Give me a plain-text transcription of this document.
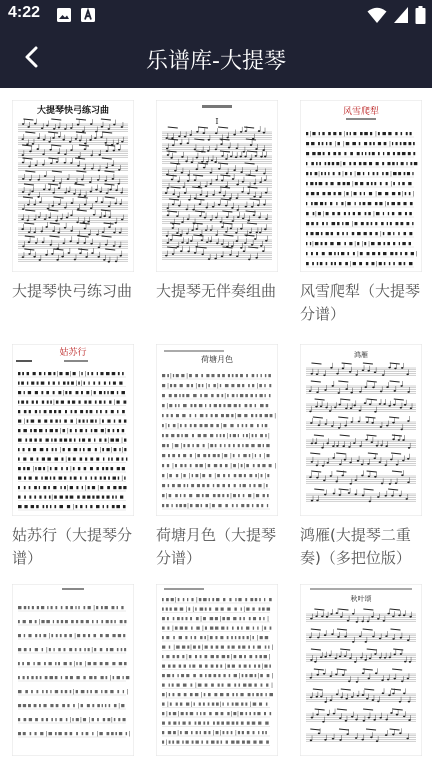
4:22
乐谱库-大提琴
大提琴快弓练习曲
大提琴快弓练习曲
I
大提琴无伴奏组曲
风雪爬犁
风雪爬犁（大提琴分谱）
姑苏行
姑苏行（大提琴分谱）
荷塘月色
荷塘月色（大提琴分谱）
鸿雁
鸿雁(大提琴二重奏)（多把位版）
秋叶颂
